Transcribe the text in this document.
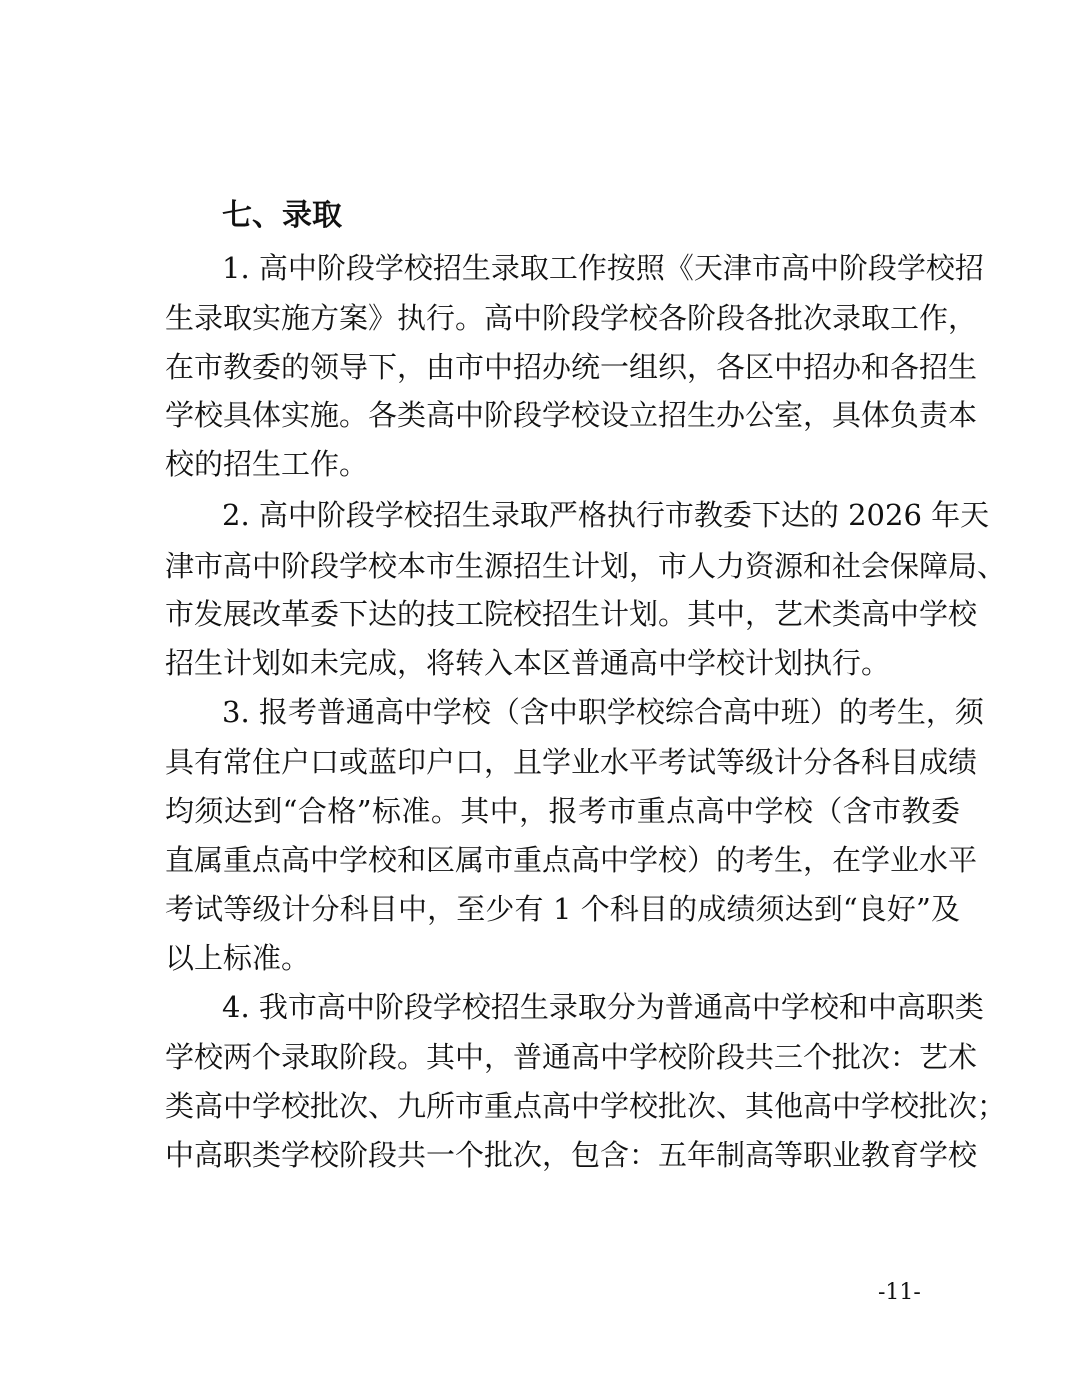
七、录取
1. 高中阶段学校招生录取工作按照《天津市高中阶段学校招
生录取实施方案》执行。高中阶段学校各阶段各批次录取工作，
在市教委的领导下，由市中招办统一组织，各区中招办和各招生
学校具体实施。各类高中阶段学校设立招生办公室，具体负责本
校的招生工作。
2. 高中阶段学校招生录取严格执行市教委下达的 2026 年天
津市高中阶段学校本市生源招生计划，市人力资源和社会保障局、
市发展改革委下达的技工院校招生计划。其中，艺术类高中学校
招生计划如未完成，将转入本区普通高中学校计划执行。
3. 报考普通高中学校（含中职学校综合高中班）的考生，须
具有常住户口或蓝印户口，且学业水平考试等级计分各科目成绩
均须达到“合格”标准。其中，报考市重点高中学校（含市教委
直属重点高中学校和区属市重点高中学校）的考生，在学业水平
考试等级计分科目中，至少有 1 个科目的成绩须达到“良好”及
以上标准。
4. 我市高中阶段学校招生录取分为普通高中学校和中高职类
学校两个录取阶段。其中，普通高中学校阶段共三个批次：艺术
类高中学校批次、九所市重点高中学校批次、其他高中学校批次；
中高职类学校阶段共一个批次，包含：五年制高等职业教育学校
-11-
